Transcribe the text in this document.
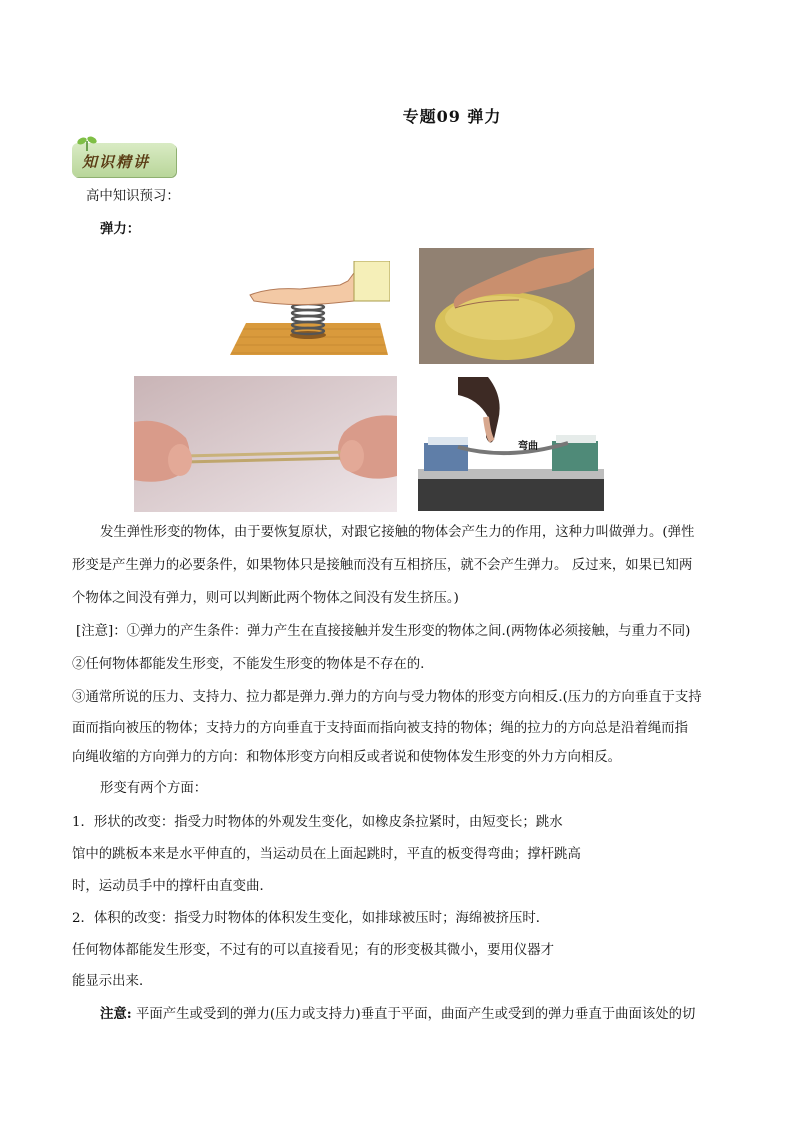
专题09 弹力
知识精讲
高中知识预习：
弹力：
弯曲
发生弹性形变的物体，由于要恢复原状，对跟它接触的物体会产生力的作用，这种力叫做弹力。(弹性
形变是产生弹力的必要条件，如果物体只是接触而没有互相挤压，就不会产生弹力。 反过来，如果已知两
个物体之间没有弹力，则可以判断此两个物体之间没有发生挤压。)
[注意]：①弹力的产生条件：弹力产生在直接接触并发生形变的物体之间.(两物体必须接触，与重力不同)
②任何物体都能发生形变，不能发生形变的物体是不存在的.
③通常所说的压力、支持力、拉力都是弹力.弹力的方向与受力物体的形变方向相反.(压力的方向垂直于支持
面而指向被压的物体；支持力的方向垂直于支持面而指向被支持的物体；绳的拉力的方向总是沿着绳而指
向绳收缩的方向弹力的方向：和物体形变方向相反或者说和使物体发生形变的外力方向相反。
形变有两个方面：
1．形状的改变：指受力时物体的外观发生变化，如橡皮条拉紧时，由短变长；跳水
馆中的跳板本来是水平伸直的，当运动员在上面起跳时，平直的板变得弯曲；撑杆跳高
时，运动员手中的撑杆由直变曲．
2．体积的改变：指受力时物体的体积发生变化，如排球被压时；海绵被挤压时．
任何物体都能发生形变，不过有的可以直接看见；有的形变极其微小，要用仪器才
能显示出来．
注意: 平面产生或受到的弹力(压力或支持力)垂直于平面，曲面产生或受到的弹力垂直于曲面该处的切
